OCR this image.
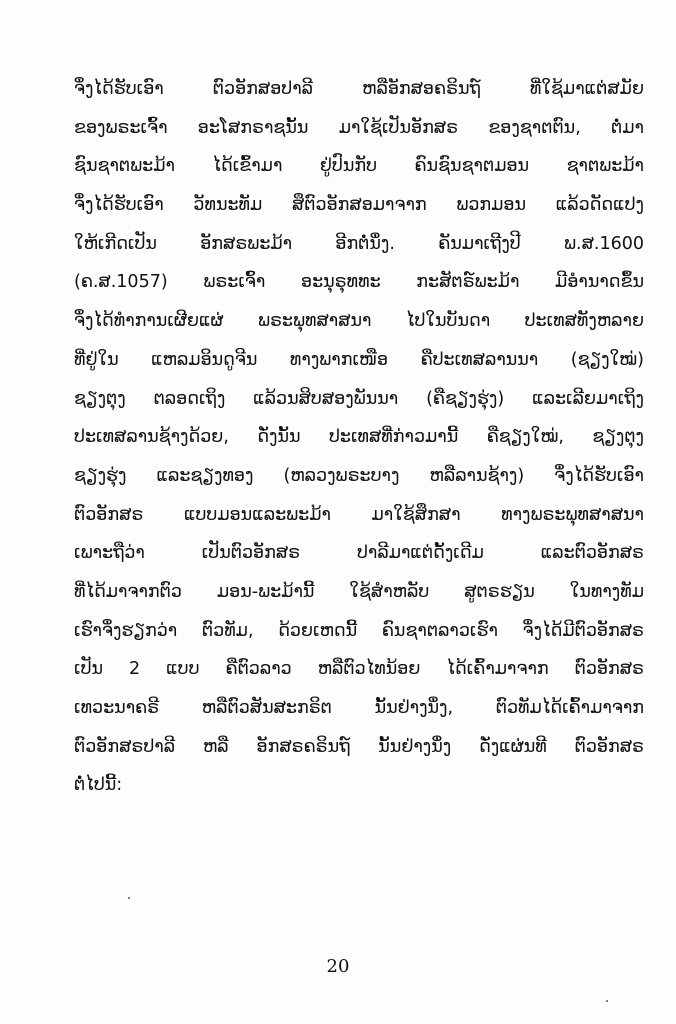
ຈຶ່ງໄດ້ຮັບເອົາ ຕົວອັກສອປາລີ ຫລືອັກສອຄຣິນຖ໌ ທີ່ໃຊ້ມາແຕ່ສມັຍ
ຂອງພຣະເຈົ້າ ອະໂສກຣາຊນັ້ນ ມາໃຊ້ເປັນອັກສຣ ຂອງຊາຕຕົນ, ຕໍ່ມາ
ຊົນຊາຕພະມ້າ ໄດ້ເຂົ້າມາ ຢູ່ປົນກັບ ຄົນຊົນຊາຕມອນ ຊາຕພະມ້າ
ຈຶ່ງໄດ້ຮັບເອົາ ວັທນະທັມ ສຶຕົວອັກສອມາຈາກ ພວກມອນ ແລ້ວດັດແປງ
ໃຫ້ເກີດເປັນ ອັກສຣພະມ້າ ອີກຕໍ່ນຶ່ງ. ຄັນມາເຖີງປີ ພ.ສ.1600
(ຄ.ສ.1057) ພຣະເຈົ້າ ອະນຸຣຸທທະ ກະສັຕຣ໌ພະມ້າ ມີອຳນາດຂຶ້ນ
ຈຶ່ງໄດ້ທຳການເຜີຍແຜ່ ພຣະພຸທສາສນາ ໄປໃນບັນດາ ປະເທສທັງຫລາຍ
ທີ່ຢູ່ໃນ ແຫລມອິນດູຈີນ ທາງພາກເໜືອ ຄືປະເທສລານນາ (ຊຽງໃໝ່)
ຊຽງຕຸງ ຕລອດເຖິງ ແລ້ວນສິບສອງພັນນາ (ຄືຊຽງຮຸ່ງ) ແລະເລີຍມາເຖິງ
ປະເທສລານຊ້າງດ້ວຍ, ດັ່ງນັ້ນ ປະເທສທີ່ກ່າວມານີ້ ຄືຊຽງໃໝ່, ຊຽງຕຸງ
ຊຽງຮຸ່ງ ແລະຊຽງທອງ (ຫລວງພຣະບາງ ຫລືລານຊ້າງ) ຈຶ່ງໄດ້ຮັບເອົາ
ຕົວອັກສຣ ແບບມອນແລະພະມ້າ ມາໃຊ້ສຶກສາ ທາງພຣະພຸທສາສນາ
ເພາະຖືວ່າ ເປັນຕົວອັກສຣ ປາລີມາແຕ່ດັ້ງເດີມ ແລະຕົວອັກສຣ
ທີ່ໄດ້ມາຈາກຕົວ ມອນ-ພະມ້ານີ້ ໃຊ້ສຳຫລັບ ສູຕຣຮຽນ ໃນທາງທັມ
ເຮົາຈຶ່ງຮຽກວ່າ ຕົວທັມ, ດ້ວຍເຫດນີ້ ຄົນຊາຕລາວເຮົາ ຈຶ່ງໄດ້ມີຕົວອັກສຣ
ເປັນ 2 ແບບ ຄືຕົວລາວ ຫລືຕົວໄທນ້ອຍ ໄດ້ເຄົ້າມາຈາກ ຕົວອັກສຣ
ເທວະນາຄຣີ ຫລືຕົວສັນສະກຣິຕ ນັ້ນຢ່າງນຶ່ງ, ຕົວທັມໄດ້ເຄົ້າມາຈາກ
ຕົວອັກສຣປາລີ ຫລື ອັກສຣຄຣິນຖ໌ ນັ້ນຢ່າງນຶ່ງ ດັ່ງແຜ່ນທີ ຕົວອັກສຣ
ຕໍ່ໄປນີ້:
20
